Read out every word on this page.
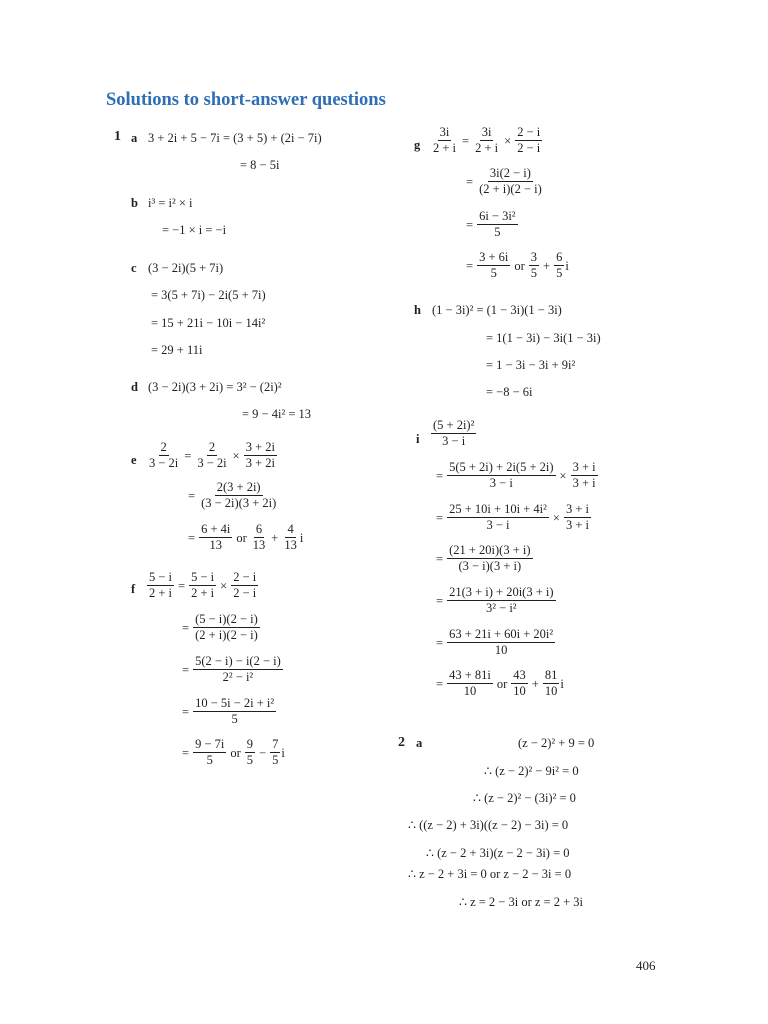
Solutions to short-answer questions
1 a 3 + 2i + 5 − 7i = (3 + 5) + (2i − 7i)
= 8 − 5i
b i³ = i² × i
= −1 × i = −i
c (3 − 2i)(5 + 7i)
= 3(5 + 7i) − 2i(5 + 7i)
= 15 + 21i − 10i − 14i²
= 29 + 11i
d (3 − 2i)(3 + 2i) = 3² − (2i)²
= 9 − 4i² = 13
e $\frac{2}{3 - 2i} = \frac{2}{3 - 2i} \times \frac{3 + 2i}{3 + 2i}$
= $\frac{2(3 + 2i)}{(3 - 2i)(3 + 2i)}$
= $\frac{6 + 4i}{13}$ or $\frac{6}{13} + \frac{4}{13}$ i
f $\frac{5 - i}{2 + i} = \frac{5 - i}{2 + i} \times \frac{2 - i}{2 - i}$
= $\frac{(5 - i)(2 - i)}{(2 + i)(2 - i)}$
= $\frac{5(2 - i) - i(2 - i)}{\text{2² − i²}}$
= $\frac{\text{10 − 5i − 2i + i²}}{5}$
= $\frac{9 - 7i}{5}$ or $\frac{9}{5} - \frac{7}{5}$ i
g $\frac{3i}{2 + i} = \frac{3i}{2 + i} \times \frac{2 - i}{2 - i}$
= $\frac{3i(2 - i)}{(2 + i)(2 - i)}$
= $\frac{\text{6i − 3i²}}{5}$
= $\frac{3 + 6i}{5}$ or $\frac{3}{5} + \frac{6}{5}$ i
h (1 − 3i)² = (1 − 3i)(1 − 3i)
= 1(1 − 3i) − 3i(1 − 3i)
= 1 − 3i − 3i + 9i²
= −8 − 6i
i $\frac{\text{(5 + 2i)²}}{3 - i}$
= $\frac{5(5 + 2i) + 2i(5 + 2i)}{3 - i} \times \frac{3 + i}{3 + i}$
= $\frac{\text{25 + 10i + 10i + 4i²}}{3 - i} \times \frac{3 + i}{3 + i}$
= $\frac{(21 + 20i)(3 + i)}{(3 - i)(3 + i)}$
= $\frac{21(3 + i) + 20i(3 + i)}{\text{3² − i²}}$
= $\frac{\text{63 + 21i + 60i + 20i²}}{10}$
= $\frac{43 + 81i}{10}$ or $\frac{43}{10} + \frac{81}{10}$ i
2 a	(z − 2)² + 9 = 0
∴ (z − 2)² − 9i² = 0
∴ (z − 2)² − (3i)² = 0
∴ ((z − 2) + 3i)((z − 2) − 3i) = 0
∴ (z − 2 + 3i)(z − 2 − 3i) = 0
∴ z − 2 + 3i = 0 or z − 2 − 3i = 0
∴ z = 2 − 3i or z = 2 + 3i
406
